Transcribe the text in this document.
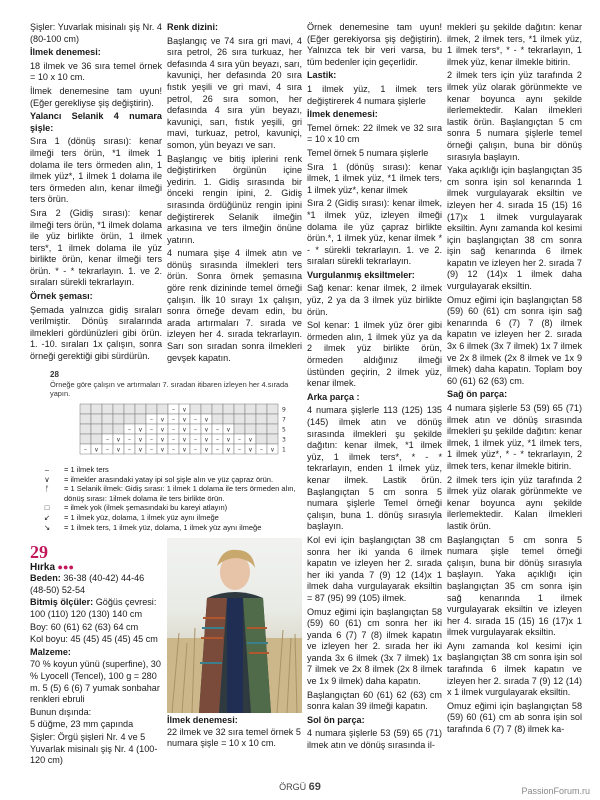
Şişler: Yuvarlak misinalı şiş Nr. 4 (80-100 cm)

İlmek denemesi:

18 ilmek ve 36 sıra temel örnek = 10 x 10 cm.

İlmek denemesine tam uyun! (Eğer gerekliyse şiş değiştirin).

Yalancı Selanik 4 numara şişle:

Sıra 1 (dönüş sırası): kenar ilmeği ters örün, *1 ilmek 1 dolama ile ters örmeden alın, 1 ilmek yüz*, 1 ilmek 1 dolama ile ters örmeden alın, kenar ilmeği ters örün.

Sıra 2 (Gidiş sırası): kenar ilmeği ters örün, *1 ilmek dolama ile yüz birlikte örün, 1 ilmek ters*, 1 ilmek dolama ile yüz birlikte örün, kenar ilmeği ters örün. * - * tekrarlayın. 1. ve 2. sıraları sürekli tekrarlayın.

Örnek şeması:

Şemada yalnızca gidiş sıraları verilmiştir. Dönüş sıralarında ilmekleri gördünüzleri gibi örün. 1. -10. sıraları 1x çalışın, sonra örneği gerektiği gibi sürdürün.

Renk dizini:

Başlangıç ve 74 sıra gri mavi, 4 sıra petrol, 26 sıra turkuaz, her defasında 4 sıra yün beyazı, sarı, kavuniçi, her defasında 20 sıra fıstık yeşili ve gri mavi, 4 sıra petrol, 26 sıra somon, her defasında 4 sıra yün beyazı, kavuniçi, sarı, fıstık yeşili, gri mavi, turkuaz, petrol, kavuniçi, somon, yün beyazı ve sarı.

Başlangıç ve bitiş iplerini renk değiştirirken örgünün içine yedirin. 1. Gidiş sırasında bir önceki rengin ipini, 2. Gidiş sırasında ördüğünüz rengin ipini değiştirerek Selanik ilmeğin arkasına ve ters ilmeğin önüne yatırın.

4 numara şişe 4 ilmek atın ve dönüş sırasında ilmekleri ters örün. Sonra örnek şemasına göre renk dizininde temel örneği çalışın. İlk 10 sırayı 1x çalışın, sonra örneğe devam edin, bu arada artırmaları 7. sırada ve izleyen her 4. sırada tekrarlayın. Sarı son sıradan sonra ilmekleri gevşek kapatın.

Örnek denemesine tam uyun! (Eğer gerekiyorsa şiş değiştirin). Yalnızca tek bir veri varsa, bu tüm bedenler için geçerlidir.

Lastik:

1 ilmek yüz, 1 ilmek ters değiştirerek 4 numara şişlerle

İlmek denemesi:

Temel örnek: 22 ilmek ve 32 sıra = 10 x 10 cm

Temel örnek 5 numara şişlerle

Sıra 1 (dönüş sırası): kenar ilmek, 1 ilmek yüz, *1 ilmek ters, 1 ilmek yüz*, kenar ilmek

Sıra 2 (Gidiş sırası): kenar ilmek, *1 ilmek yüz, izleyen ilmeği dolama ile yüz çapraz birlikte örün.*, 1 ilmek yüz, kenar ilmek * - * sürekli tekrarlayın. 1. ve 2. sıraları sürekli tekrarlayın.

Vurgulanmış eksiltmeler:

Sağ kenar: kenar ilmek, 2 ilmek yüz, 2 ya da 3 ilmek yüz birlikte örün.

Sol kenar: 1 ilmek yüz örer gibi örmeden alın, 1 ilmek yüz ya da 2 ilmek yüz birlikte örün, örmeden aldığınız ilmeği üstünden geçirin, 2 ilmek yüz, kenar ilmek.

Arka parça :

4 numara şişlerle 113 (125) 135 (145) ilmek atın ve dönüş sırasında ilmekleri şu şekilde dağıtın: kenar ilmek, *1 ilmek yüz, 1 ilmek ters*, * - * tekrarlayın, enden 1 ilmek yüz, kenar ilmek. Lastik örün. Başlangıçtan 5 cm sonra 5 numara şişlerle Temel örneği çalışın, buna 1. dönüş sırasıyla başlayın.

Kol evi için başlangıçtan 38 cm sonra her iki yanda 6 ilmek kapatın ve izleyen her 2. sırada her iki yanda 7 (9) 12 (14)x 1 ilmek daha vurgulayarak eksiltin = 87 (95) 99 (105) ilmek.

Omuz eğimi için başlangıçtan 58 (59) 60 (61) cm sonra her iki yanda 6 (7) 7 (8) ilmek kapatın ve izleyen her 2. sırada her iki yanda 3x 6 ilmek (3x 7 ilmek) 1x 7 ilmek ve 2x 8 ilmek (2x 8 ilmek ve 1x 9 ilmek) daha kapatın.

Başlangıçtan 60 (61) 62 (63) cm sonra kalan 39 ilmeği kapatın.

Sol ön parça:

4 numara şişlerle 53 (59) 65 (71) ilmek atın ve dönüş sırasında il-

mekleri şu şekilde dağıtın: kenar ilmek, 2 ilmek ters, *1 ilmek yüz, 1 ilmek ters*, * - * tekrarlayın, 1 ilmek yüz, kenar ilmekle bitirin.

2 ilmek ters için yüz tarafında 2 ilmek yüz olarak görünmekte ve kenar boyunca aynı şekilde ilerlemektedir. Kalan ilmekleri lastik örün. Başlangıçtan 5 cm sonra 5 numara şişlerle temel örneği çalışın, buna bir dönüş sırasıyla başlayın.

Yaka açıklığı için başlangıçtan 35 cm sonra işin sol kenarında 1 ilmek vurgulayarak eksiltin ve izleyen her 4. sırada 15 (15) 16 (17)x 1 ilmek vurgulayarak eksiltin. Aynı zamanda kol kesimi için başlangıçtan 38 cm sonra işin sağ kenarında 6 ilmek kapatın ve izleyen her 2. sırada 7 (9) 12 (14)x 1 ilmek daha vurgulayarak eksiltin.

Omuz eğimi için başlangıçtan 58 (59) 60 (61) cm sonra işin sağ kenarında 6 (7) 7 (8) ilmek kapatın ve izleyen her 2. sırada 3x 6 ilmek (3x 7 ilmek) 1x 7 ilmek ve 2x 8 ilmek (2x 8 ilmek ve 1x 9 ilmek) daha kapatın. Toplam boy 60 (61) 62 (63) cm.

Sağ ön parça:

4 numara şişlerle 53 (59) 65 (71) ilmek atın ve dönüş sırasında ilmekleri şu şekilde dağıtın: kenar ilmek, 1 ilmek yüz, *1 ilmek ters, 1 ilmek yüz*, * - * tekrarlayın, 2 ilmek ters, kenar ilmekle bitirin.

2 ilmek ters için yüz tarafında 2 ilmek yüz olarak görünmekte ve kenar boyunca aynı şekilde ilerlemektedir. Kalan ilmekleri lastik örün.

Başlangıçtan 5 cm sonra 5 numara şişle temel örneği çalışın, buna bir dönüş sırasıyla başlayın. Yaka açıklığı için başlangıçtan 35 cm sonra işin sağ kenarında 1 ilmek vurgulayarak eksiltin ve izleyen her 4. sırada 15 (15) 16 (17)x 1 ilmek vurgulayarak eksiltin.

Aynı zamanda kol kesimi için başlangıçtan 38 cm sonra işin sol tarafında 6 ilmek kapatın ve izleyen her 2. sırada 7 (9) 12 (14) x 1 ilmek vurgulayarak eksiltin.

Omuz eğimi için başlangıçtan 58 (59) 60 (61) cm ab sonra işin sol tarafında 6 (7) 7 (8) ilmek ka-

28
Örneğe göre çalışın ve artırmaları 7. sıradan itibaren izleyen her 4.sırada yapın.
– ∨	9
– ∨ – ∨ – ∨	7
– ∨ – ∨ – ∨ – ∨ – ∨	5
– ∨ – ∨ – ∨ – ∨ – ∨ – ∨ – ∨	3
– ∨ – ∨ – ∨ – ∨ – ∨ – ∨ – ∨ – ∨ – ∨ 1
–	= 1 ilmek ters
∨	= ilmekler arasındaki yatay ipi sol şişle alın ve yüz çapraz örün.
ᚠ	= 1 Selanik ilmek: Gidiş sırası: 1 ilmek 1 dolama ile ters örmeden alın, dönüş sırası: 1ilmek dolama ile ters birlikte örün.
□	= ilmek yok (ilmek şemasındaki bu kareyi atlayın)
↙	= 1 ilmek yüz, dolama, 1 ilmek yüz aynı ilmeğe
↘	= 1 ilmek ters, 1 ilmek yüz, dolama, 1 ilmek yüz aynı ilmeğe
29
Hırka ●●●

Beden: 36-38 (40-42) 44-46 (48-50) 52-54

Bitmiş ölçüler: Göğüs çevresi: 100 (110) 120 (130) 140 cm

Boy: 60 (61) 62 (63) 64 cm

Kol boyu: 45 (45) 45 (45) 45 cm

Malzeme:

70 % koyun yünü (superfine), 30 % Lyocell (Tencel), 100 g = 280 m. 5 (5) 6 (6) 7 yumak sonbahar renkleri ebruli

Bunun dışında:

5 düğme, 23 mm çapında

Şişler: Örgü şişleri Nr. 4 ve 5 Yuvarlak misinalı şiş Nr. 4 (100-120 cm)

İlmek denemesi:

22 ilmek ve 32 sıra temel örnek 5 numara şişle = 10 x 10 cm.

ÖRGÜ 69	PassionForum.ru
